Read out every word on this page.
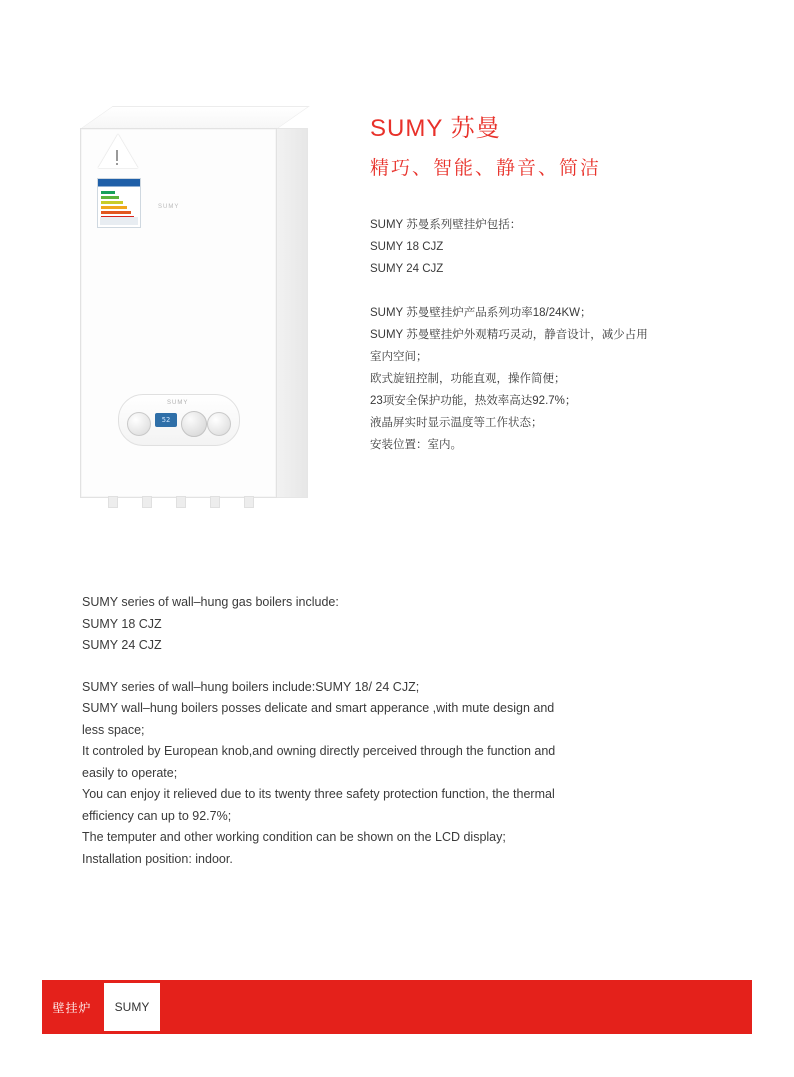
SUMY
SUMY
52
SUMY 苏曼
精巧、智能、静音、简洁

SUMY 苏曼系列壁挂炉包括：

SUMY 18 CJZ

SUMY 24 CJZ

SUMY 苏曼壁挂炉产品系列功率18/24KW；

SUMY 苏曼壁挂炉外观精巧灵动，静音设计，减少占用

室内空间；

欧式旋钮控制，功能直观，操作简便；

23项安全保护功能，热效率高达92.7%；

液晶屏实时显示温度等工作状态；

安装位置：室内。

SUMY series of wall–hung gas boilers include:

SUMY 18 CJZ

SUMY 24 CJZ

SUMY series of wall–hung boilers include:SUMY 18/ 24 CJZ;

SUMY wall–hung boilers posses delicate and smart apperance ,with mute design and

less space;

It controled by European knob,and owning directly perceived through the function and

easily to operate;

You can enjoy it relieved due to its twenty three safety protection function, the thermal

efficiency can up to 92.7%;

The temputer and other working condition can be shown on the LCD display;

Installation position: indoor.

壁挂炉	SUMY
